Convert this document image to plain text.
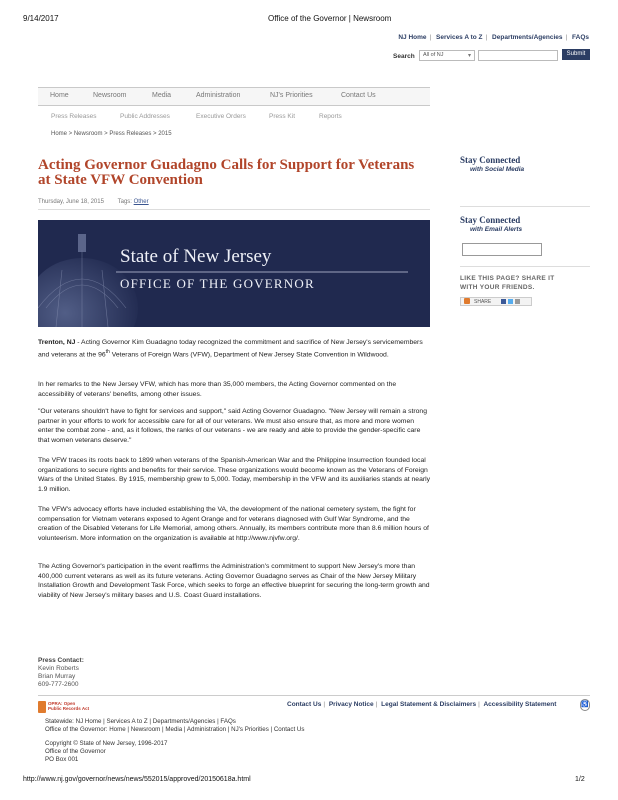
9/14/2017	Office of the Governor | Newsroom
NJ Home | Services A to Z | Departments/Agencies | FAQs
Search	All of NJ	▾	Submit
Home	Newsroom	Media	Administration	NJ's Priorities	Contact Us
Press Releases	Public Addresses	Executive Orders	Press Kit	Reports
Home > Newsroom > Press Releases > 2015
Acting Governor Guadagno Calls for Support for Veterans at State VFW Convention
Thursday, June 18, 2015 Tags: Other
State of New Jersey
OFFICE OF THE GOVERNOR

Trenton, NJ - Acting Governor Kim Guadagno today recognized the commitment and sacrifice of New Jersey's servicemembers and veterans at the 96th Veterans of Foreign Wars (VFW), Department of New Jersey State Convention in Wildwood.

In her remarks to the New Jersey VFW, which has more than 35,000 members, the Acting Governor commented on the accessibility of veterans' benefits, among other issues.

"Our veterans shouldn't have to fight for services and support," said Acting Governor Guadagno. "New Jersey will remain a strong partner in your efforts to work for accessible care for all of our veterans. We must also ensure that, as more and more women enter the combat zone - and, as it follows, the ranks of our veterans - we are ready and able to provide the gender-specific care that women veterans deserve."

The VFW traces its roots back to 1899 when veterans of the Spanish-American War and the Philippine Insurrection founded local organizations to secure rights and benefits for their service. These organizations would become known as the Veterans of Foreign Wars of the United States. By 1915, membership grew to 5,000. Today, membership in the VFW and its auxiliaries stands at nearly 1.9 million.

The VFW's advocacy efforts have included establishing the VA, the development of the national cemetery system, the fight for compensation for Vietnam veterans exposed to Agent Orange and for veterans diagnosed with Gulf War Syndrome, and the creation of the Disabled Veterans for Life Memorial, among others. Annually, its members contribute more than 8.6 million hours of volunteerism. More information on the organization is available at http://www.njvfw.org/.

The Acting Governor's participation in the event reaffirms the Administration's commitment to support New Jersey's more than 400,000 current veterans as well as its future veterans. Acting Governor Guadagno serves as Chair of the New Jersey Military Installation Growth and Development Task Force, which seeks to forge an effective blueprint for securing the long-term growth and viability of New Jersey's military bases and U.S. Coast Guard installations.

Press Contact:
Kevin Roberts
Brian Murray
609-777-2600
Stay Connected
with Social Media
Stay Connected
with Email Alerts
LIKE THIS PAGE? SHARE IT
WITH YOUR FRIENDS.
SHARE
OPRA: Open
Public Records Act
Contact Us | Privacy Notice | Legal Statement & Disclaimers | Accessibility Statement	♿
Statewide: NJ Home | Services A to Z | Departments/Agencies | FAQs
Office of the Governor: Home | Newsroom | Media | Administration | NJ's Priorities | Contact Us
Copyright © State of New Jersey, 1996-2017
Office of the Governor
PO Box 001
http://www.nj.gov/governor/news/news/552015/approved/20150618a.html	1/2
